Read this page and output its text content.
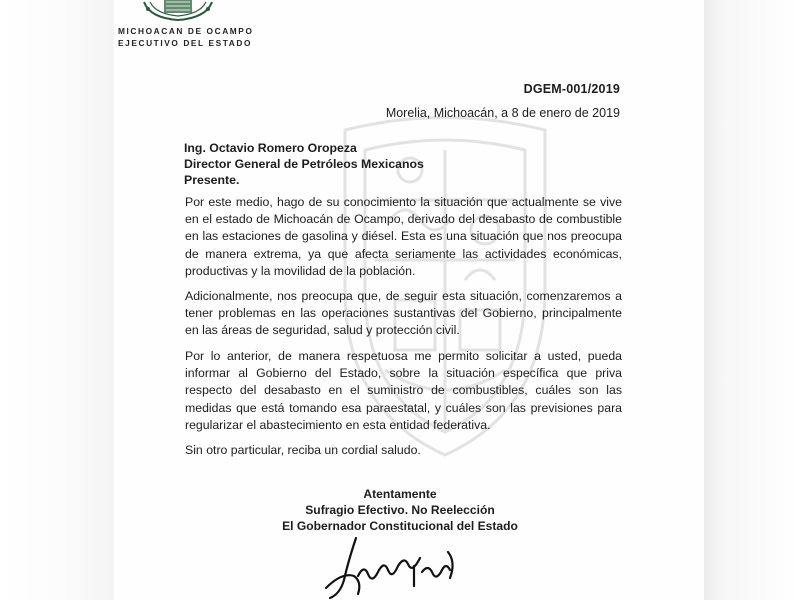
MICHOACAN DE OCAMPO
EJECUTIVO DEL ESTADO
DGEM-001/2019
Morelia, Michoacán, a 8 de enero de 2019
Ing. Octavio Romero Oropeza
Director General de Petróleos Mexicanos
Presente.
Por este medio, hago de su conocimiento la situación que actualmente se vive en el estado de Michoacán de Ocampo, derivado del desabasto de combustible en las estaciones de gasolina y diésel. Esta es una situación que nos preocupa de manera extrema, ya que afecta seriamente las actividades económicas, productivas y la movilidad de la población.
Adicionalmente, nos preocupa que, de seguir esta situación, comenzaremos a tener problemas en las operaciones sustantivas del Gobierno, principalmente en las áreas de seguridad, salud y protección civil.
Por lo anterior, de manera respetuosa me permito solicitar a usted, pueda informar al Gobierno del Estado, sobre la situación específica que priva respecto del desabasto en el suministro de combustibles, cuáles son las medidas que está tomando esa paraestatal, y cuáles son las previsiones para regularizar el abastecimiento en esta entidad federativa.
Sin otro particular, reciba un cordial saludo.
Atentamente
Sufragio Efectivo. No Reelección
El Gobernador Constitucional del Estado
